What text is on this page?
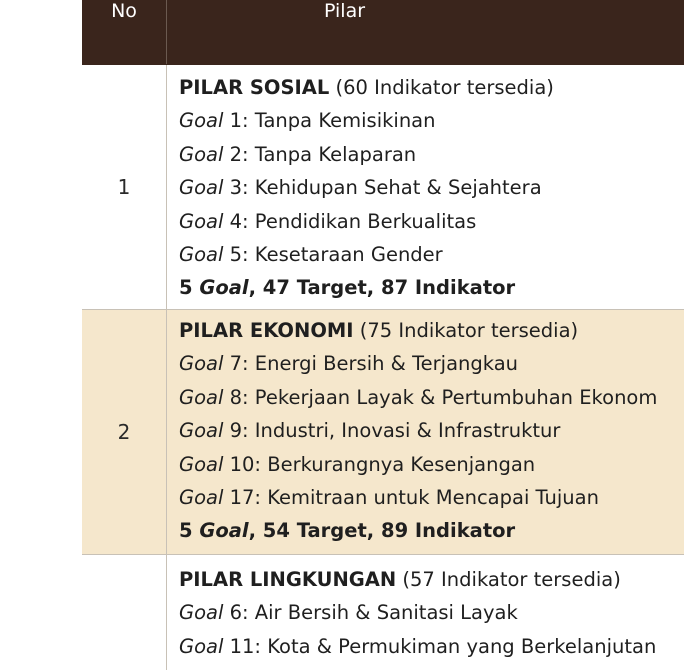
No	Pilar
1
PILAR SOSIAL (60 Indikator tersedia)
Goal 1: Tanpa Kemisikinan
Goal 2: Tanpa Kelaparan
Goal 3: Kehidupan Sehat & Sejahtera
Goal 4: Pendidikan Berkualitas
Goal 5: Kesetaraan Gender
5 Goal, 47 Target, 87 Indikator
2
PILAR EKONOMI (75 Indikator tersedia)
Goal 7: Energi Bersih & Terjangkau
Goal 8: Pekerjaan Layak & Pertumbuhan Ekonom
Goal 9: Industri, Inovasi & Infrastruktur
Goal 10: Berkurangnya Kesenjangan
Goal 17: Kemitraan untuk Mencapai Tujuan
5 Goal, 54 Target, 89 Indikator
PILAR LINGKUNGAN (57 Indikator tersedia)
Goal 6: Air Bersih & Sanitasi Layak
Goal 11: Kota & Permukiman yang Berkelanjutan
